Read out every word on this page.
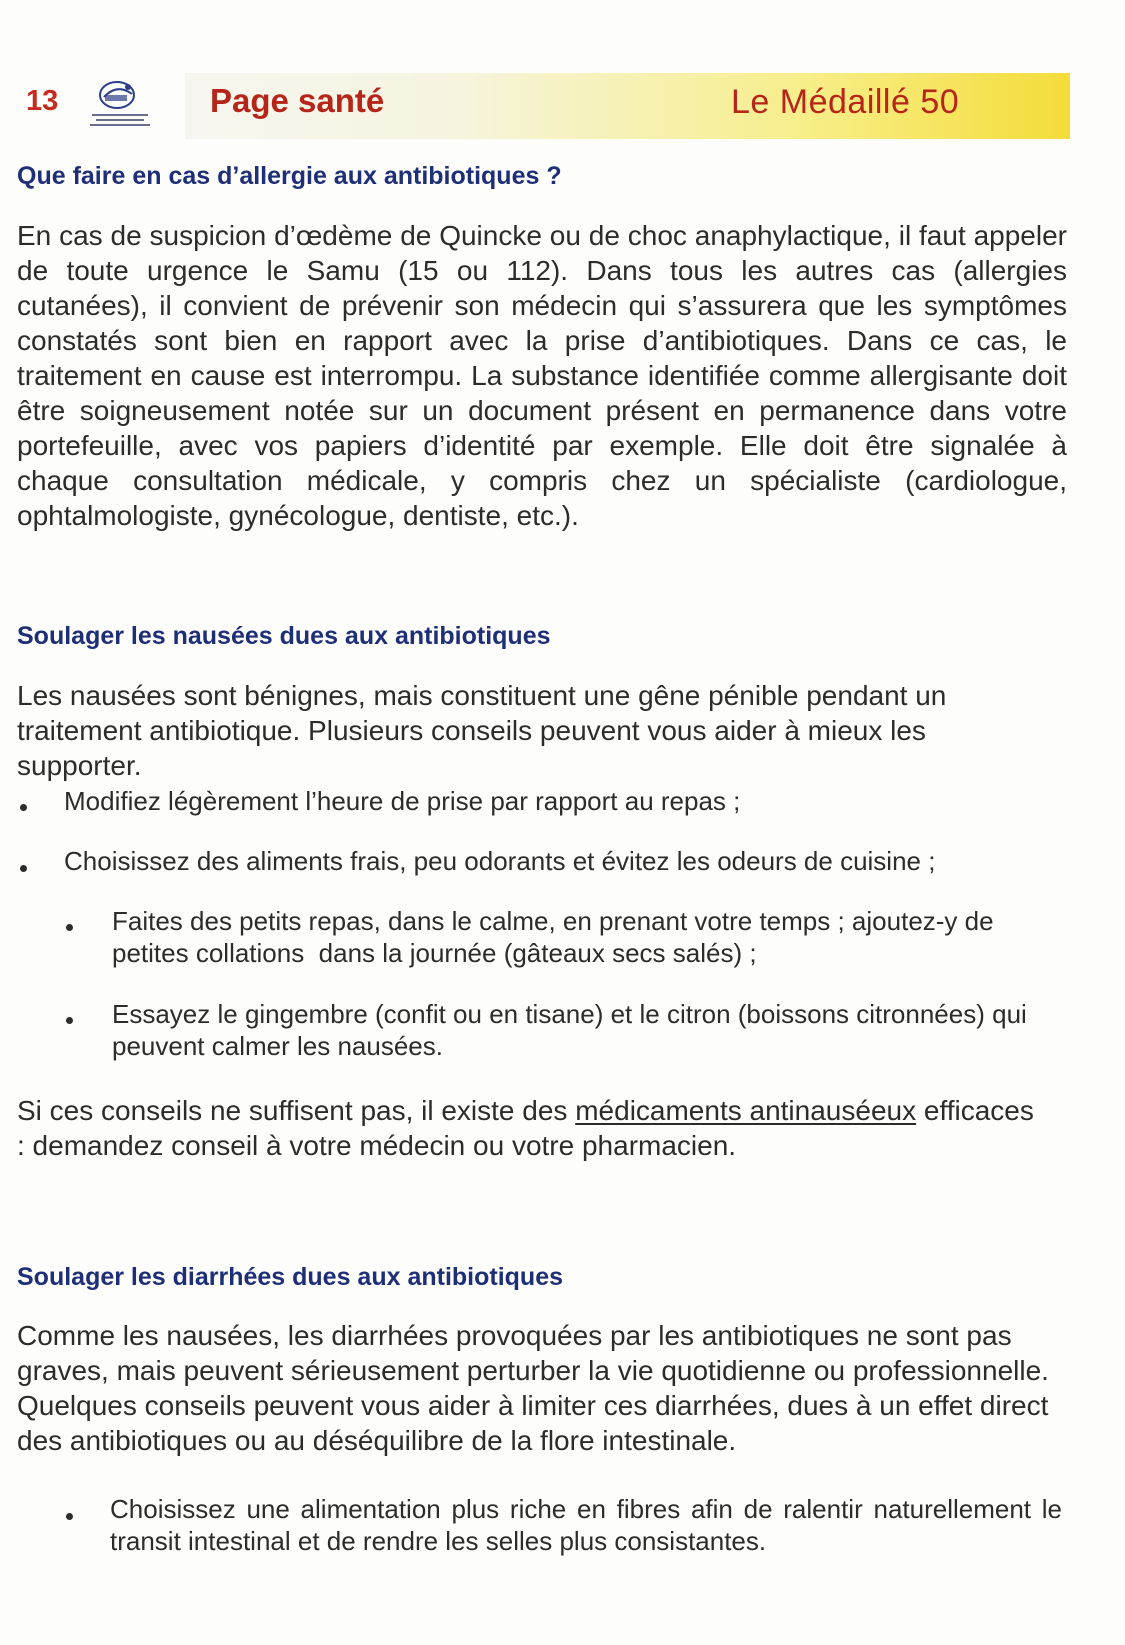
13	Page santé	Le Médaillé 50
Que faire en cas d’allergie aux antibiotiques ?
En cas de suspicion d’œdème de Quincke ou de choc anaphylactique, il faut appeler de toute urgence le Samu (15 ou 112). Dans tous les autres cas (allergies cutanées), il convient de prévenir son médecin qui s’assurera que les symptômes constatés sont bien en rapport avec la prise d’antibiotiques. Dans ce cas, le traitement en cause est interrompu. La substance identifiée comme allergisante doit être soigneusement notée sur un document présent en permanence dans votre portefeuille, avec vos papiers d’identité par exemple. Elle doit être signalée à chaque consultation médicale, y compris chez un spécialiste (cardiologue, ophtalmologiste, gynécologue, dentiste, etc.).
Soulager les nausées dues aux antibiotiques
Les nausées sont bénignes, mais constituent une gêne pénible pendant un traitement antibiotique. Plusieurs conseils peuvent vous aider à mieux les supporter.
Modifiez légèrement l’heure de prise par rapport au repas ;
Choisissez des aliments frais, peu odorants et évitez les odeurs de cuisine ;
Faites des petits repas, dans le calme, en prenant votre temps ; ajoutez-y de petites collations  dans la journée (gâteaux secs salés) ;
Essayez le gingembre (confit ou en tisane) et le citron (boissons citronnées) qui peuvent calmer les nausées.
Si ces conseils ne suffisent pas, il existe des médicaments antinauséeux efficaces : demandez conseil à votre médecin ou votre pharmacien.
Soulager les diarrhées dues aux antibiotiques
Comme les nausées, les diarrhées provoquées par les antibiotiques ne sont pas graves, mais peuvent sérieusement perturber la vie quotidienne ou professionnelle. Quelques conseils peuvent vous aider à limiter ces diarrhées, dues à un effet direct des antibiotiques ou au déséquilibre de la flore intestinale.
Choisissez une alimentation plus riche en fibres afin de ralentir naturellement le transit intestinal et de rendre les selles plus consistantes.
